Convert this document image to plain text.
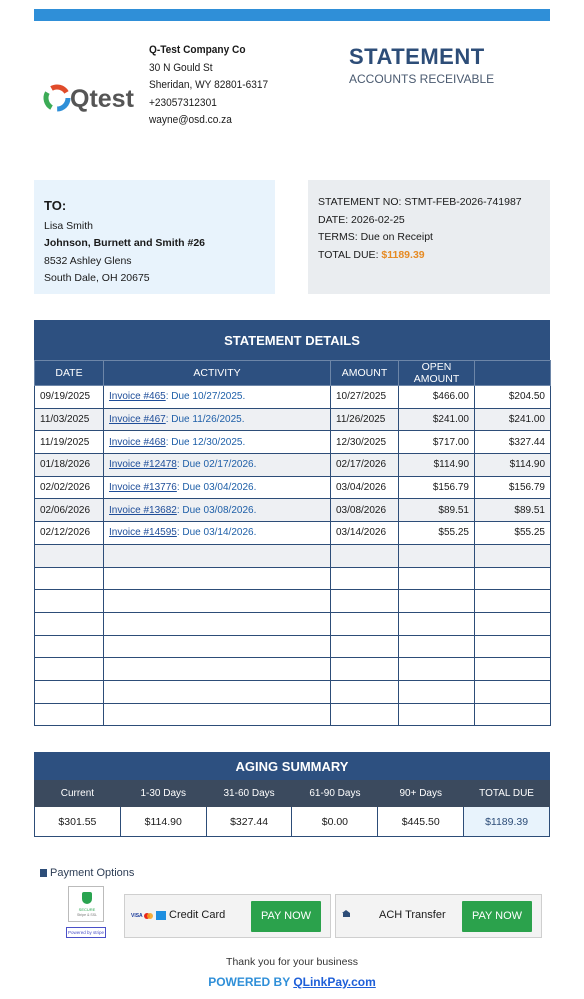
Qtest
Q-Test Company Co
30 N Gould St
Sheridan, WY 82801-6317
+23057312301
wayne@osd.co.za
STATEMENT
ACCOUNTS RECEIVABLE
TO:
Lisa Smith
Johnson, Burnett and Smith #26
8532 Ashley Glens
South Dale, OH 20675
STATEMENT NO: STMT-FEB-2026-741987
DATE: 2026-02-25
TERMS: Due on Receipt
TOTAL DUE: $1189.39
STATEMENT DETAILS
DATE	ACTIVITY	AMOUNT	OPEN AMOUNT	
09/19/2025	Invoice #465: Due 10/27/2025.	10/27/2025	$466.00	$204.50
11/03/2025	Invoice #467: Due 11/26/2025.	11/26/2025	$241.00	$241.00
11/19/2025	Invoice #468: Due 12/30/2025.	12/30/2025	$717.00	$327.44
01/18/2026	Invoice #12478: Due 02/17/2026.	02/17/2026	$114.90	$114.90
02/02/2026	Invoice #13776: Due 03/04/2026.	03/04/2026	$156.79	$156.79
02/06/2026	Invoice #13682: Due 03/08/2026.	03/08/2026	$89.51	$89.51
02/12/2026	Invoice #14595: Due 03/14/2026.	03/14/2026	$55.25	$55.25

AGING SUMMARY
Current	1-30 Days	31-60 Days	61-90 Days	90+ Days	TOTAL DUE
$301.55	$114.90	$327.44	$0.00	$445.50	$1189.39
Payment Options
SECURE
Stripe & SSL
Powered by stripe
VISA Credit Card	PAY NOW	ACH Transfer	PAY NOW
Thank you for your business
POWERED BY QLinkPay.com
